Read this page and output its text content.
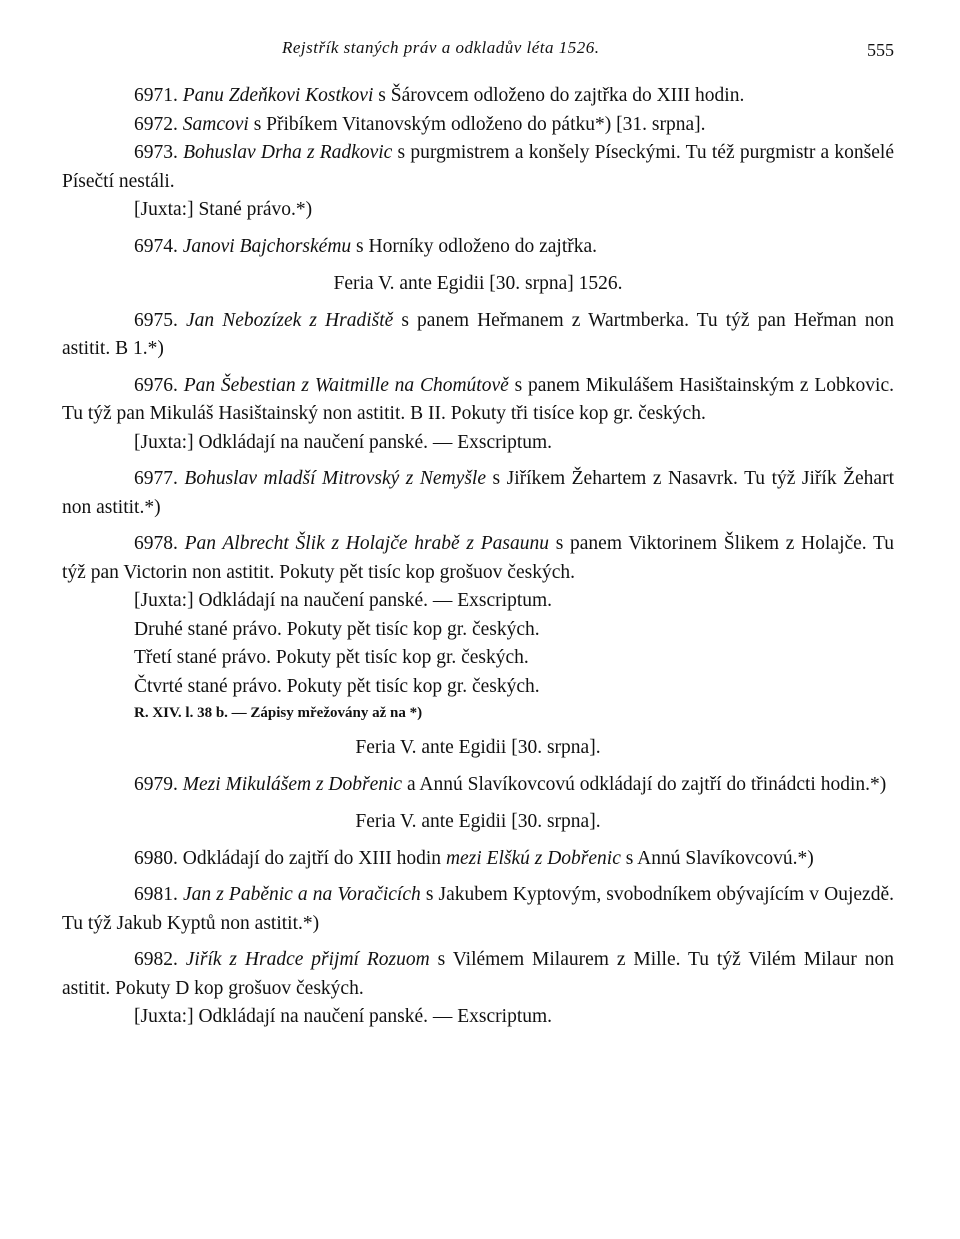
Rejstřík staných práv a odkladův léta 1526.	555

6971. Panu Zdeňkovi Kostkovi s Šárovcem odloženo do zajtřka do XIII hodin.

6972. Samcovi s Přibíkem Vitanovským odloženo do pátku*) [31. srpna].

6973. Bohuslav Drha z Radkovic s purgmistrem a konšely Píseckými. Tu též purgmistr a konšelé Písečtí nestáli.

[Juxta:] Stané právo.*)

6974. Janovi Bajchorskému s Horníky odloženo do zajtřka.

Feria V. ante Egidii [30. srpna] 1526.

6975. Jan Nebozízek z Hradiště s panem Heřmanem z Wartmberka. Tu týž pan Heřman non astitit. B 1.*)

6976. Pan Šebestian z Waitmille na Chomútově s panem Mikulášem Hasištainským z Lobkovic. Tu týž pan Mikuláš Hasištainský non astitit. B II. Pokuty tři tisíce kop gr. českých.

[Juxta:] Odkládají na naučení panské. — Exscriptum.

6977. Bohuslav mladší Mitrovský z Nemyšle s Jiříkem Žehartem z Nasavrk. Tu týž Jiřík Žehart non astitit.*)

6978. Pan Albrecht Šlik z Holajče hrabě z Pasaunu s panem Viktorinem Šlikem z Holajče. Tu týž pan Victorin non astitit. Pokuty pět tisíc kop grošuov českých.

[Juxta:] Odkládají na naučení panské. — Exscriptum.

Druhé stané právo. Pokuty pět tisíc kop gr. českých.

Třetí stané právo. Pokuty pět tisíc kop gr. českých.

Čtvrté stané právo. Pokuty pět tisíc kop gr. českých.

R. XIV. l. 38 b. — Zápisy mřežovány až na *)

Feria V. ante Egidii [30. srpna].

6979. Mezi Mikulášem z Dobřenic a Annú Slavíkovcovú odkládají do zajtří do třinádcti hodin.*)

Feria V. ante Egidii [30. srpna].

6980. Odkládají do zajtří do XIII hodin mezi Elškú z Dobřenic s Annú Slavíkovcovú.*)

6981. Jan z Paběnic a na Voračicích s Jakubem Kyptovým, svobodníkem obývajícím v Oujezdě. Tu týž Jakub Kyptů non astitit.*)

6982. Jiřík z Hradce přijmí Rozuom s Vilémem Milaurem z Mille. Tu týž Vilém Milaur non astitit. Pokuty D kop grošuov českých.

[Juxta:] Odkládají na naučení panské. — Exscriptum.
